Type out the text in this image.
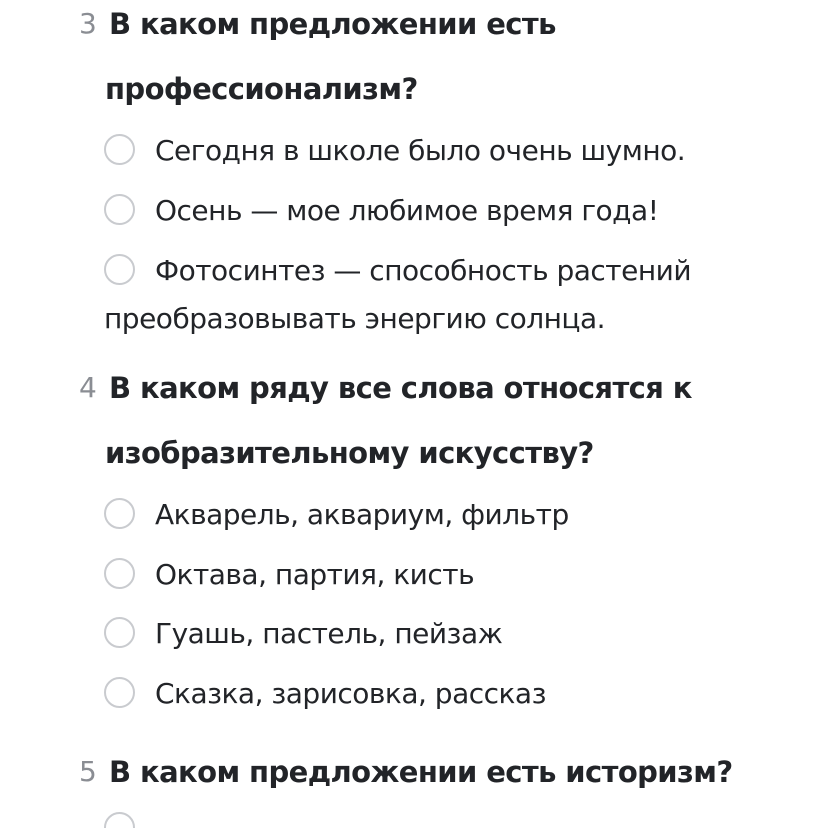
3 В каком предложении есть профессионализм?
Сегодня в школе было очень шумно.
Осень — мое любимое время года!
Фотосинтез — способность растений преобразовывать энергию солнца.
4 В каком ряду все слова относятся к изобразительному искусству?
Акварель, аквариум, фильтр
Октава, партия, кисть
Гуашь, пастель, пейзаж
Сказка, зарисовка, рассказ
5 В каком предложении есть историзм?
